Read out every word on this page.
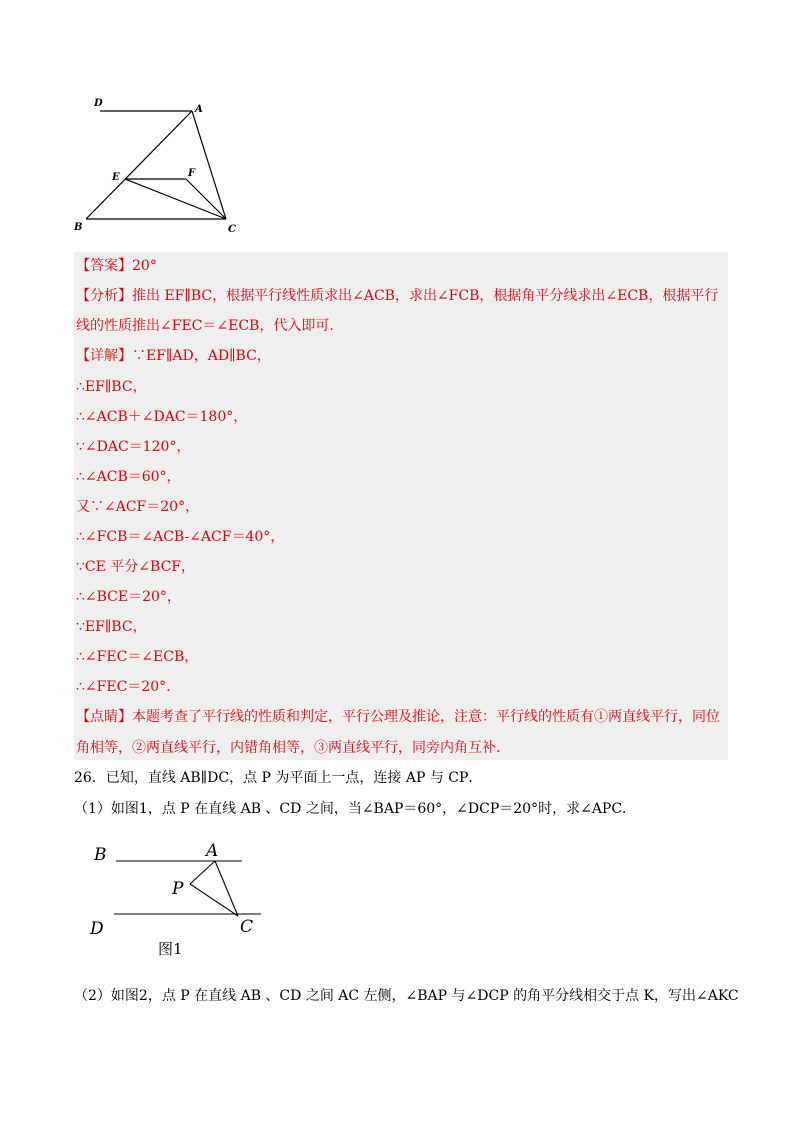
D
A
E	F
B	C
【答案】20°
【分析】推出 EF∥BC，根据平行线性质求出∠ACB，求出∠FCB，根据角平分线求出∠ECB，根据平行
线的性质推出∠FEC＝∠ECB，代入即可.
【详解】∵EF∥AD，AD∥BC，
∴EF∥BC，
∴∠ACB＋∠DAC＝180°，
∵∠DAC＝120°，
∴∠ACB＝60°，
又∵∠ACF＝20°，
∴∠FCB＝∠ACB-∠ACF＝40°，
∵CE 平分∠BCF，
∴∠BCE＝20°，
∵EF∥BC，
∴∠FEC＝∠ECB，
∴∠FEC＝20°.
【点睛】本题考查了平行线的性质和判定，平行公理及推论，注意：平行线的性质有①两直线平行，同位
角相等，②两直线平行，内错角相等，③两直线平行，同旁内角互补.
26．已知，直线 AB∥DC，点 P 为平面上一点，连接 AP 与 CP．
（1）如图1，点 P 在直线 AB 、CD 之间，当∠BAP＝60°，∠DCP＝20°时，求∠APC．
B	A
P
D	C
图1
（2）如图2，点 P 在直线 AB 、CD 之间 AC 左侧，∠BAP 与∠DCP 的角平分线相交于点 K，写出∠AKC
